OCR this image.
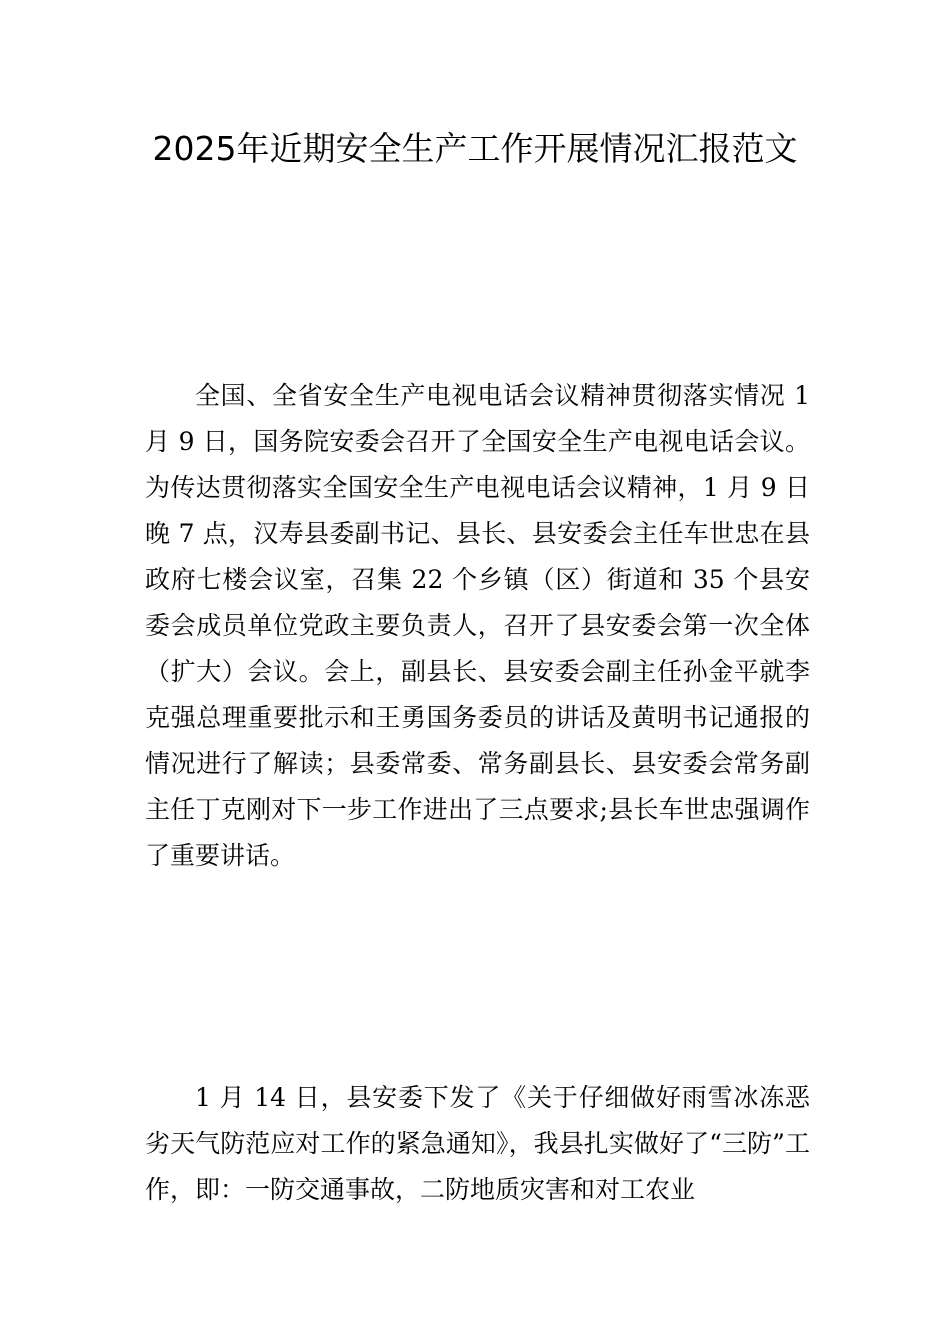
2025年近期安全生产工作开展情况汇报范文

全国、全省安全生产电视电话会议精神贯彻落实情况 1 月 9 日，国务院安委会召开了全国安全生产电视电话会议。为传达贯彻落实全国安全生产电视电话会议精神，1 月 9 日晚 7 点，汉寿县委副书记、县长、县安委会主任车世忠在县政府七楼会议室，召集 22 个乡镇（区）街道和 35 个县安委会成员单位党政主要负责人，召开了县安委会第一次全体（扩大）会议。会上，副县长、县安委会副主任孙金平就李克强总理重要批示和王勇国务委员的讲话及黄明书记通报的情况进行了解读；县委常委、常务副县长、县安委会常务副主任丁克刚对下一步工作进出了三点要求;县长车世忠强调作了重要讲话。

1 月 14 日，县安委下发了《关于仔细做好雨雪冰冻恶劣天气防范应对工作的紧急通知》，我县扎实做好了“三防”工作，即：一防交通事故，二防地质灾害和对工农业
